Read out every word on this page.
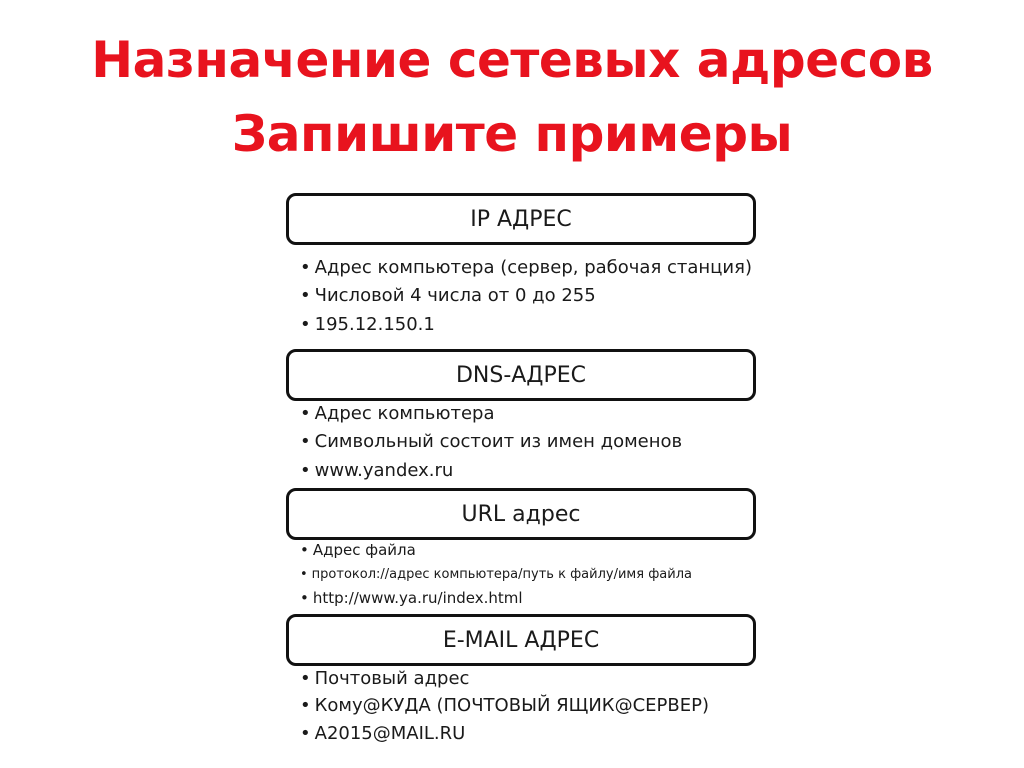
Назначение сетевых адресов
Запишите примеры
IP АДРЕС
• Адрес компьютера (сервер, рабочая станция)
• Числовой 4 числа от 0 до 255
• 195.12.150.1
DNS-АДРЕС
• Адрес компьютера
• Символьный состоит из имен доменов
• www.yandex.ru
URL адрес
• Адрес файла
• протокол://адрес компьютера/путь к файлу/имя файла
• http://www.ya.ru/index.html
E-MAIL АДРЕС
• Почтовый адрес
• Кому@КУДА (ПОЧТОВЫЙ ЯЩИК@СЕРВЕР)
• А2015@MAIL.RU
